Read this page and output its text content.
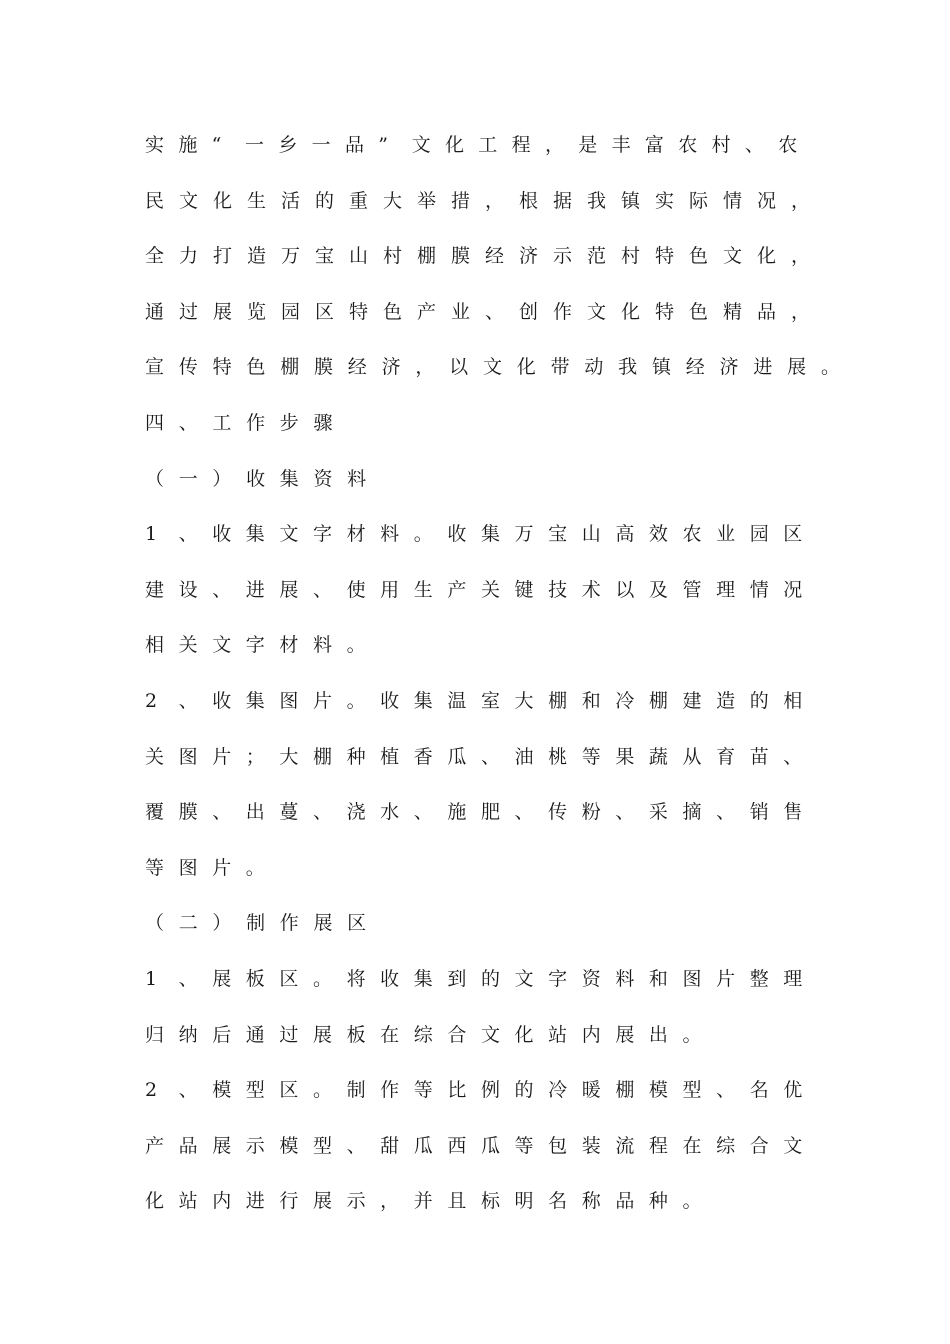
实 施 “	一 乡 一 品 ”	文 化 工 程 ， 是 丰 富 农 村 、 农
民 文 化 生 活 的 重 大 举 措 ， 根 据 我 镇 实 际 情 况 ，
全 力 打 造 万 宝 山 村 棚 膜 经 济 示 范 村 特 色 文 化 ，
通 过 展 览 园 区 特 色 产 业 、 创 作 文 化 特 色 精 品 ，
宣 传 特 色 棚 膜 经 济 ， 以 文 化 带 动 我 镇 经 济 进 展 。
四 、 工 作 步 骤
（ 一 ） 收 集 资 料
1	、 收 集 文 字 材 料 。 收 集 万 宝 山 高 效 农 业 园 区
建 设 、 进 展 、 使 用 生 产 关 键 技 术 以 及 管 理 情 况
相 关 文 字 材 料 。
2	、 收 集 图 片 。 收 集 温 室 大 棚 和 冷 棚 建 造 的 相
关 图 片 ； 大 棚 种 植 香 瓜 、 油 桃 等 果 蔬 从 育 苗 、
覆 膜 、 出 蔓 、 浇 水 、 施 肥 、 传 粉 、 采 摘 、 销 售
等 图 片 。
（ 二 ） 制 作 展 区
1	、 展 板 区 。 将 收 集 到 的 文 字 资 料 和 图 片 整 理
归 纳 后 通 过 展 板 在 综 合 文 化 站 内 展 出 。
2	、 模 型 区 。 制 作 等 比 例 的 冷 暖 棚 模 型 、 名 优
产 品 展 示 模 型 、 甜 瓜 西 瓜 等 包 装 流 程 在 综 合 文
化 站 内 进 行 展 示 ， 并 且 标 明 名 称 品 种 。
